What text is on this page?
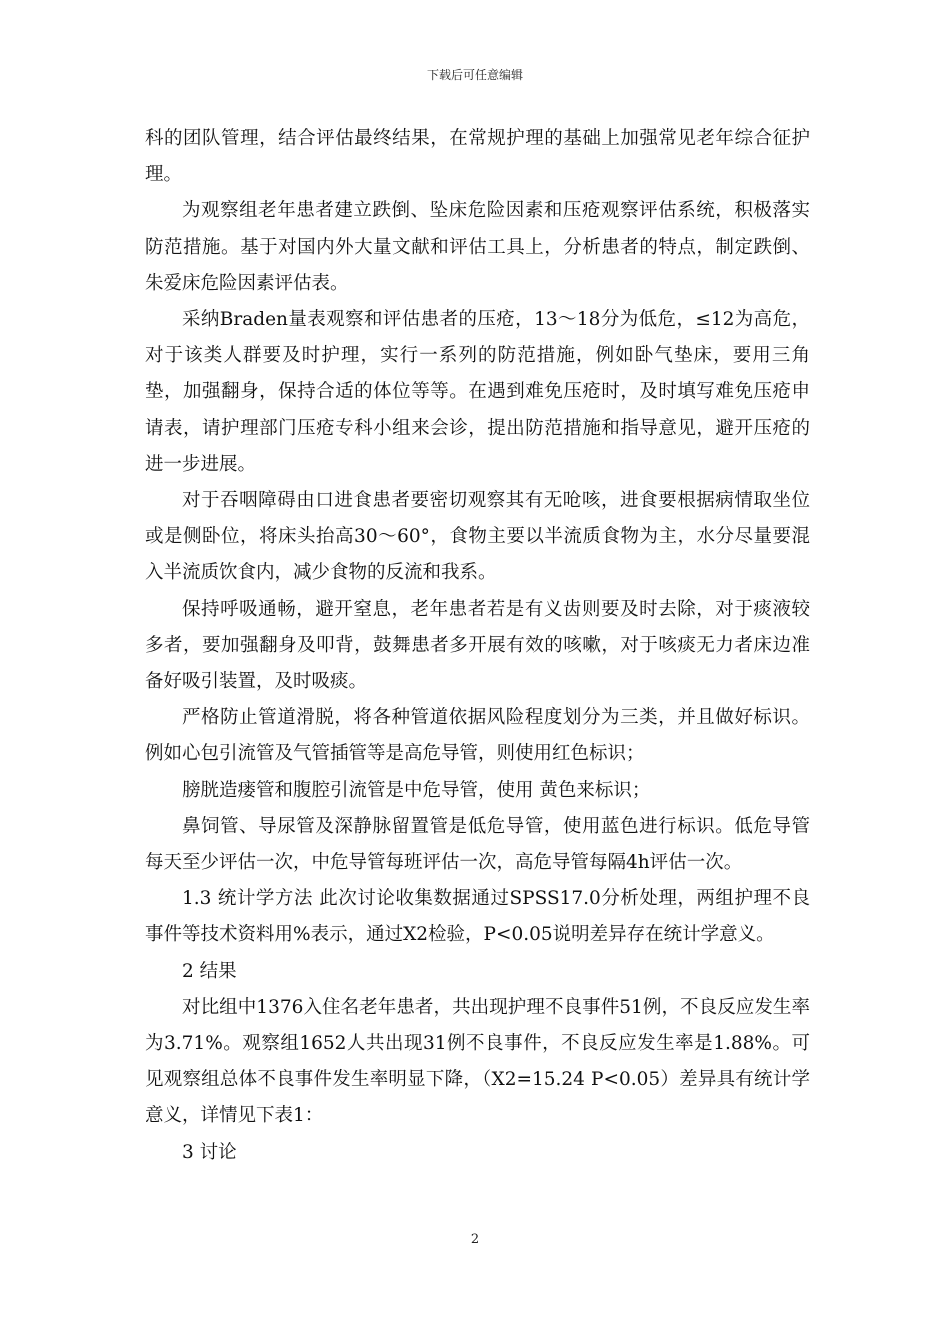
下载后可任意编辑

科的团队管理，结合评估最终结果，在常规护理的基础上加强常见老年综合征护理。

为观察组老年患者建立跌倒、坠床危险因素和压疮观察评估系统，积极落实防范措施。基于对国内外大量文献和评估工具上，分析患者的特点，制定跌倒、朱爱床危险因素评估表。

采纳Braden量表观察和评估患者的压疮，13～18分为低危，≤12为高危，对于该类人群要及时护理，实行一系列的防范措施，例如卧气垫床，要用三角垫，加强翻身，保持合适的体位等等。在遇到难免压疮时，及时填写难免压疮申请表，请护理部门压疮专科小组来会诊，提出防范措施和指导意见，避开压疮的进一步进展。

对于吞咽障碍由口进食患者要密切观察其有无呛咳，进食要根据病情取坐位或是侧卧位，将床头抬高30～60°，食物主要以半流质食物为主，水分尽量要混入半流质饮食内，减少食物的反流和我系。

保持呼吸通畅，避开窒息，老年患者若是有义齿则要及时去除，对于痰液较多者，要加强翻身及叩背，鼓舞患者多开展有效的咳嗽，对于咳痰无力者床边准备好吸引装置，及时吸痰。

严格防止管道滑脱，将各种管道依据风险程度划分为三类，并且做好标识。例如心包引流管及气管插管等是高危导管，则使用红色标识；

膀胱造瘘管和腹腔引流管是中危导管，使用 黄色来标识；

鼻饲管、导尿管及深静脉留置管是低危导管，使用蓝色进行标识。低危导管每天至少评估一次，中危导管每班评估一次，高危导管每隔4h评估一次。

1.3 统计学方法 此次讨论收集数据通过SPSS17.0分析处理，两组护理不良事件等技术资料用%表示，通过X2检验，P<0.05说明差异存在统计学意义。

2 结果

对比组中1376入住名老年患者，共出现护理不良事件51例，不良反应发生率为3.71%。观察组1652人共出现31例不良事件，不良反应发生率是1.88%。可见观察组总体不良事件发生率明显下降，（X2=15.24 P<0.05）差异具有统计学意义，详情见下表1：

3 讨论

2
